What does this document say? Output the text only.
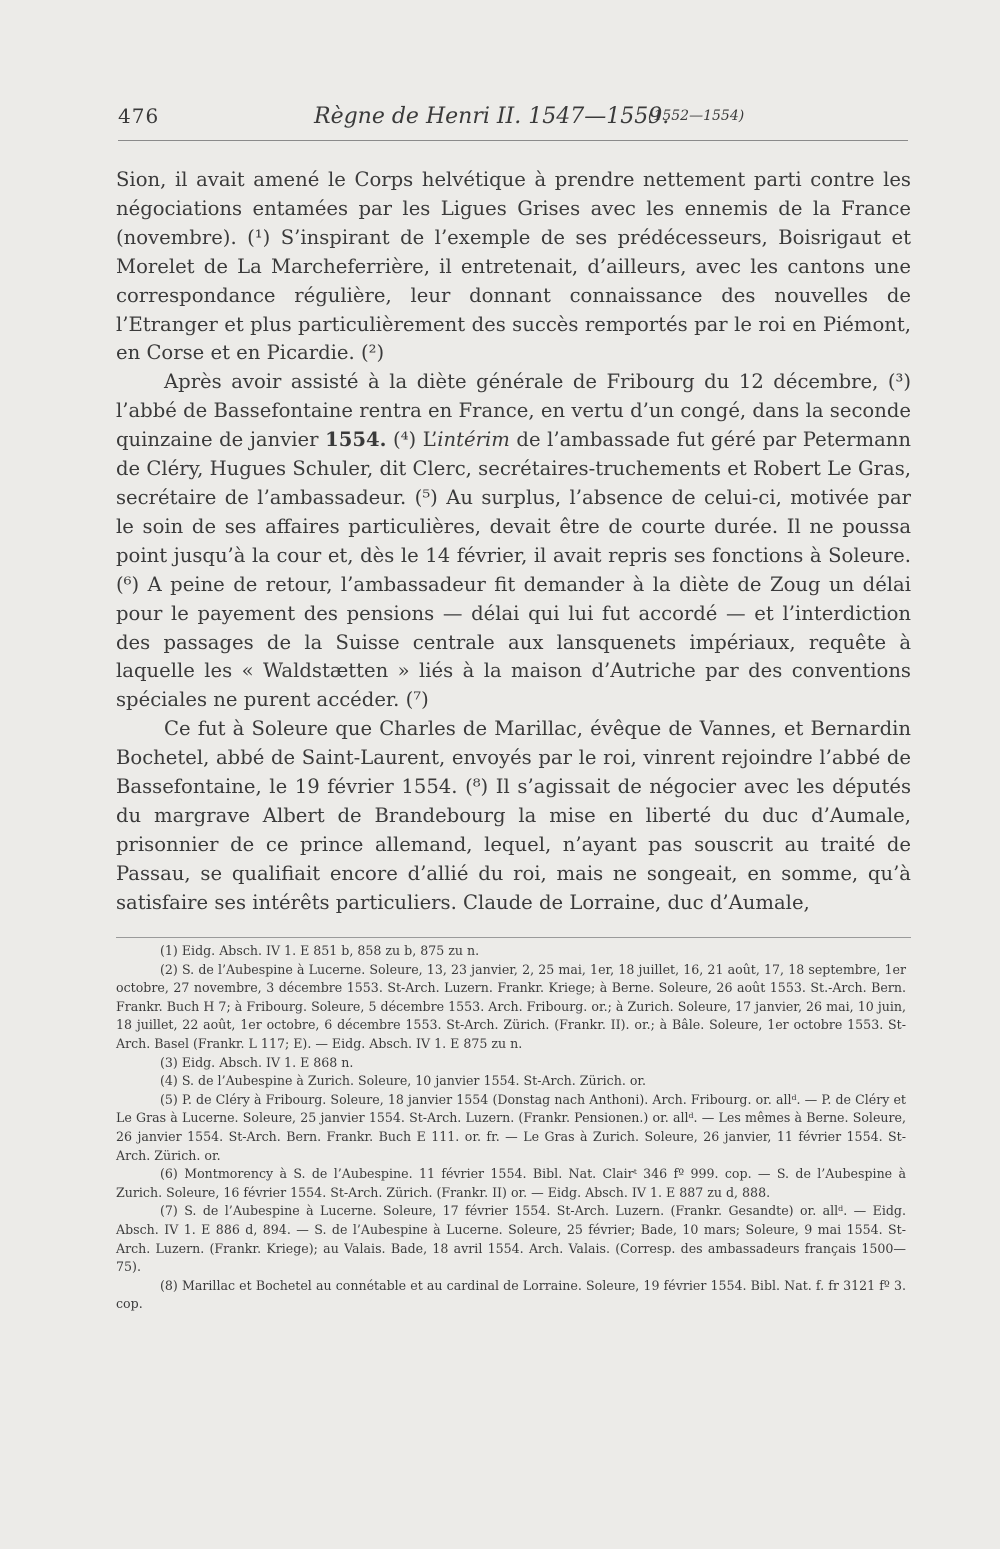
476	Règne de Henri II. 1547—1559.
(1552—1554)

Sion, il avait amené le Corps helvétique à prendre nettement parti contre les négociations entamées par les Ligues Grises avec les ennemis de la France (novembre). (¹) S’inspirant de l’exemple de ses prédécesseurs, Boisrigaut et Morelet de La Marcheferrière, il entretenait, d’ailleurs, avec les cantons une correspondance régulière, leur donnant connaissance des nouvelles de l’Etranger et plus particulièrement des succès remportés par le roi en Piémont, en Corse et en Picardie. (²)

Après avoir assisté à la diète générale de Fribourg du 12 décembre, (³) l’abbé de Bassefontaine rentra en France, en vertu d’un congé, dans la seconde quinzaine de janvier 1554. (⁴) L’intérim de l’ambassade fut géré par Petermann de Cléry, Hugues Schuler, dit Clerc, secrétaires-truchements et Robert Le Gras, secrétaire de l’ambassadeur. (⁵) Au surplus, l’absence de celui-ci, motivée par le soin de ses affaires particulières, devait être de courte durée. Il ne poussa point jusqu’à la cour et, dès le 14 février, il avait repris ses fonctions à Soleure. (⁶) A peine de retour, l’ambassadeur fit demander à la diète de Zoug un délai pour le payement des pensions — délai qui lui fut accordé — et l’interdiction des passages de la Suisse centrale aux lansquenets impériaux, requête à laquelle les « Waldstætten » liés à la maison d’Autriche par des conventions spéciales ne purent accéder. (⁷)

Ce fut à Soleure que Charles de Marillac, évêque de Vannes, et Bernardin Bochetel, abbé de Saint-Laurent, envoyés par le roi, vinrent rejoindre l’abbé de Bassefontaine, le 19 février 1554. (⁸) Il s’agissait de négocier avec les députés du margrave Albert de Brandebourg la mise en liberté du duc d’Aumale, prisonnier de ce prince allemand, lequel, n’ayant pas souscrit au traité de Passau, se qualifiait encore d’allié du roi, mais ne songeait, en somme, qu’à satisfaire ses intérêts particuliers. Claude de Lorraine, duc d’Aumale,

(1) Eidg. Absch. IV 1. E 851 b, 858 zu b, 875 zu n.

(2) S. de l’Aubespine à Lucerne. Soleure, 13, 23 janvier, 2, 25 mai, 1er, 18 juillet, 16, 21 août, 17, 18 septembre, 1er octobre, 27 novembre, 3 décembre 1553. St-Arch. Luzern. Frankr. Kriege; à Berne. Soleure, 26 août 1553. St.-Arch. Bern. Frankr. Buch H 7; à Fribourg. Soleure, 5 décembre 1553. Arch. Fribourg. or.; à Zurich. Soleure, 17 janvier, 26 mai, 10 juin, 18 juillet, 22 août, 1er octobre, 6 décembre 1553. St-Arch. Zürich. (Frankr. II). or.; à Bâle. Soleure, 1er octobre 1553. St-Arch. Basel (Frankr. L 117; E). — Eidg. Absch. IV 1. E 875 zu n.

(3) Eidg. Absch. IV 1. E 868 n.

(4) S. de l’Aubespine à Zurich. Soleure, 10 janvier 1554. St-Arch. Zürich. or.

(5) P. de Cléry à Fribourg. Soleure, 18 janvier 1554 (Donstag nach Anthoni). Arch. Fribourg. or. allᵈ. — P. de Cléry et Le Gras à Lucerne. Soleure, 25 janvier 1554. St-Arch. Luzern. (Frankr. Pensionen.) or. allᵈ. — Les mêmes à Berne. Soleure, 26 janvier 1554. St-Arch. Bern. Frankr. Buch E 111. or. fr. — Le Gras à Zurich. Soleure, 26 janvier, 11 février 1554. St-Arch. Zürich. or.

(6) Montmorency à S. de l’Aubespine. 11 février 1554. Bibl. Nat. Clairᵗ 346 fº 999. cop. — S. de l’Aubespine à Zurich. Soleure, 16 février 1554. St-Arch. Zürich. (Frankr. II) or. — Eidg. Absch. IV 1. E 887 zu d, 888.

(7) S. de l’Aubespine à Lucerne. Soleure, 17 février 1554. St-Arch. Luzern. (Frankr. Gesandte) or. allᵈ. — Eidg. Absch. IV 1. E 886 d, 894. — S. de l’Aubespine à Lucerne. Soleure, 25 février; Bade, 10 mars; Soleure, 9 mai 1554. St-Arch. Luzern. (Frankr. Kriege); au Valais. Bade, 18 avril 1554. Arch. Valais. (Corresp. des ambassadeurs français 1500—75).

(8) Marillac et Bochetel au connétable et au cardinal de Lorraine. Soleure, 19 février 1554. Bibl. Nat. f. fr 3121 fº 3. cop.
